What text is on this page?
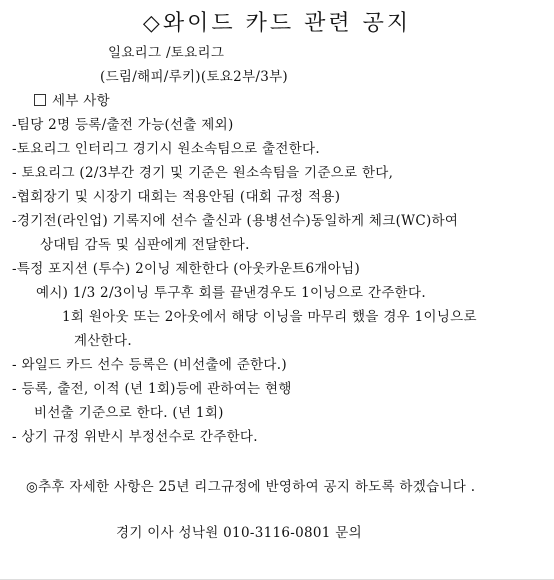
◇와이드 카드 관련 공지
일요리그 /토요리그
(드림/해피/루키)(토요2부/3부)
세부 사항
-팀당 2명 등록/출전 가능(선출 제외)
-토요리그 인터리그 경기시 원소속팀으로 출전한다.
- 토요리그 (2/3부간 경기 및 기준은 원소속팀을 기준으로 한다,
-협회장기 및 시장기 대회는 적용안됨 (대회 규정 적용)
-경기전(라인업) 기록지에 선수 출신과 (용병선수)동일하게 체크(WC)하여
상대팀 감독 및 심판에게 전달한다.
-특정 포지션 (투수) 2이닝 제한한다 (아웃카운트6개아님)
예시) 1/3 2/3이닝 투구후 회를 끝낸경우도 1이닝으로 간주한다.
1회 원아웃 또는 2아웃에서 해당 이닝을 마무리 했을 경우 1이닝으로
계산한다.
- 와일드 카드 선수 등록은 (비선출에 준한다.)
- 등록, 출전, 이적 (년 1회)등에 관하여는 현행
비선출 기준으로 한다. (년 1회)
- 상기 규정 위반시 부정선수로 간주한다.
◎추후 자세한 사항은 25년 리그규정에 반영하여 공지 하도록 하겠습니다 .
경기 이사 성낙원 010-3116-0801 문의
